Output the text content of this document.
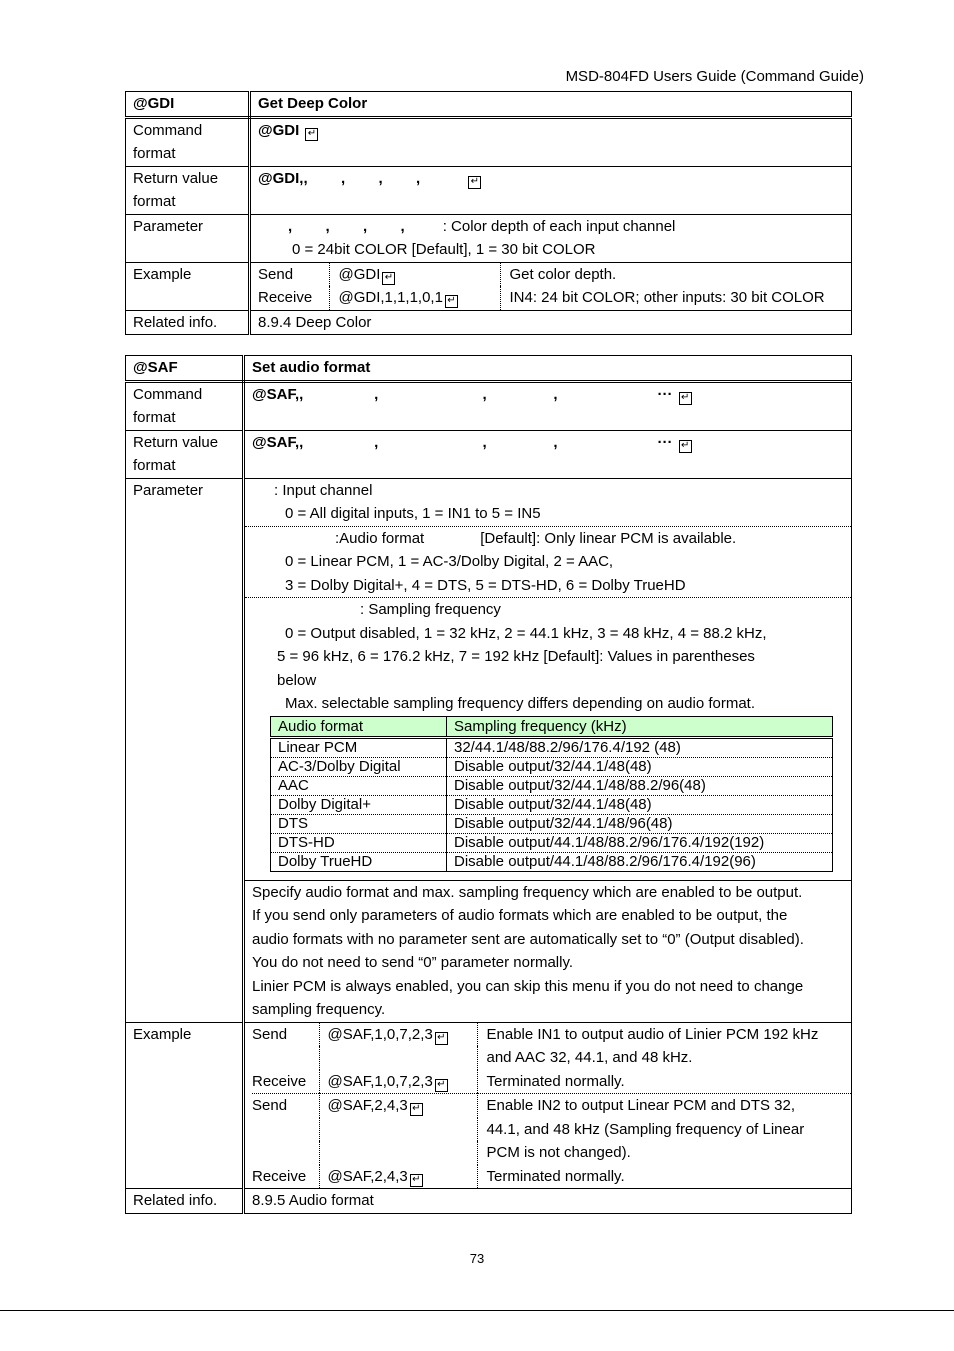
MSD-804FD Users Guide (Command Guide)
@GDI	Get Deep Color
Command
format	@GDI ↵
Return value
format	@GDI,,        ,        ,        , ↵
Parameter	,        ,        ,        ,	: Color depth of each input channel
0 = 24bit COLOR [Default], 1 = 30 bit COLOR

Example		Send	@GDI↵	Get color depth.
Receive	@GDI,1,1,1,0,1↵	IN4: 24 bit COLOR; other inputs: 30 bit COLOR

Related info.	8.9.4 Deep Color
@SAF	Set audio format
Command
format	@SAF,,                 ,                         ,                ,                        ··· ↵
Return value
format	@SAF,,                 ,                         ,                ,                        ··· ↵
Parameter	: Input channel
0 = All digital inputs, 1 = IN1 to 5 = IN5
:Audio format	[Default]: Only linear PCM is available.
0 = Linear PCM, 1 = AC-3/Dolby Digital, 2 = AAC,
3 = Dolby Digital+, 4 = DTS, 5 = DTS-HD, 6 = Dolby TrueHD
: Sampling frequency
0 = Output disabled, 1 = 32 kHz, 2 = 44.1 kHz, 3 = 48 kHz, 4 = 88.2 kHz,
5 = 96 kHz, 6 = 176.2 kHz, 7 = 192 kHz [Default]: Values in parentheses
below
Max. selectable sampling frequency differs depending on audio format.
Audio format	Sampling frequency (kHz)
Linear PCM	32/44.1/48/88.2/96/176.4/192 (48)
AC-3/Dolby Digital	Disable output/32/44.1/48(48)
AAC	Disable output/32/44.1/48/88.2/96(48)
Dolby Digital+	Disable output/32/44.1/48(48)
DTS	Disable output/32/44.1/48/96(48)
DTS-HD	Disable output/44.1/48/88.2/96/176.4/192(192)
Dolby TrueHD	Disable output/44.1/48/88.2/96/176.4/192(96)
Specify audio format and max. sampling frequency which are enabled to be output.
If you send only parameters of audio formats which are enabled to be output, the
audio formats with no parameter sent are automatically set to “0” (Output disabled).
You do not need to send “0” parameter normally.
Linier PCM is always enabled, you can skip this menu if you do not need to change
sampling frequency.

Example		Send	@SAF,1,0,7,2,3↵	Enable IN1 to output audio of Linier PCM 192 kHz
		and AAC 32, 44.1, and 48 kHz.
Receive	@SAF,1,0,7,2,3↵	Terminated normally.
Send	@SAF,2,4,3↵	Enable IN2 to output Linear PCM and DTS 32,
		44.1, and 48 kHz (Sampling frequency of Linear
		PCM is not changed).
Receive	@SAF,2,4,3↵	Terminated normally.

Related info.	8.9.5 Audio format
73
